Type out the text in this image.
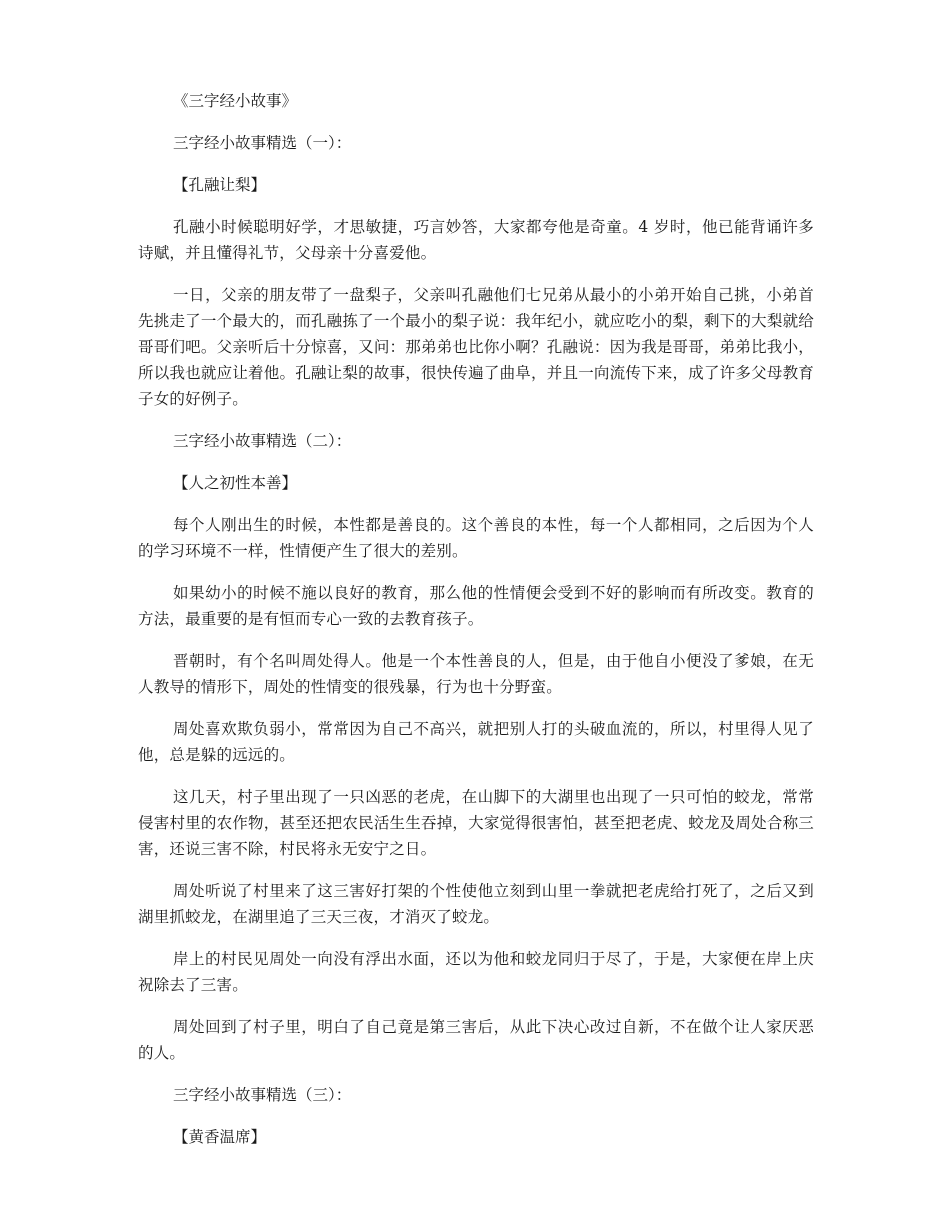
《三字经小故事》

三字经小故事精选（一）：

【孔融让梨】

孔融小时候聪明好学，才思敏捷，巧言妙答，大家都夸他是奇童。4 岁时，他已能背诵许多诗赋，并且懂得礼节，父母亲十分喜爱他。

一日，父亲的朋友带了一盘梨子，父亲叫孔融他们七兄弟从最小的小弟开始自己挑，小弟首先挑走了一个最大的，而孔融拣了一个最小的梨子说：我年纪小，就应吃小的梨，剩下的大梨就给哥哥们吧。父亲听后十分惊喜，又问：那弟弟也比你小啊？孔融说：因为我是哥哥，弟弟比我小，所以我也就应让着他。孔融让梨的故事，很快传遍了曲阜，并且一向流传下来，成了许多父母教育子女的好例子。

三字经小故事精选（二）：

【人之初性本善】

每个人刚出生的时候，本性都是善良的。这个善良的本性，每一个人都相同，之后因为个人的学习环境不一样，性情便产生了很大的差别。

如果幼小的时候不施以良好的教育，那么他的性情便会受到不好的影响而有所改变。教育的方法，最重要的是有恒而专心一致的去教育孩子。

晋朝时，有个名叫周处得人。他是一个本性善良的人，但是，由于他自小便没了爹娘，在无人教导的情形下，周处的性情变的很残暴，行为也十分野蛮。

周处喜欢欺负弱小，常常因为自己不高兴，就把别人打的头破血流的，所以，村里得人见了他，总是躲的远远的。

这几天，村子里出现了一只凶恶的老虎，在山脚下的大湖里也出现了一只可怕的蛟龙，常常侵害村里的农作物，甚至还把农民活生生吞掉，大家觉得很害怕，甚至把老虎、蛟龙及周处合称三害，还说三害不除，村民将永无安宁之日。

周处听说了村里来了这三害好打架的个性使他立刻到山里一拳就把老虎给打死了，之后又到湖里抓蛟龙，在湖里追了三天三夜，才消灭了蛟龙。

岸上的村民见周处一向没有浮出水面，还以为他和蛟龙同归于尽了，于是，大家便在岸上庆祝除去了三害。

周处回到了村子里，明白了自己竟是第三害后，从此下决心改过自新，不在做个让人家厌恶的人。

三字经小故事精选（三）：

【黄香温席】
